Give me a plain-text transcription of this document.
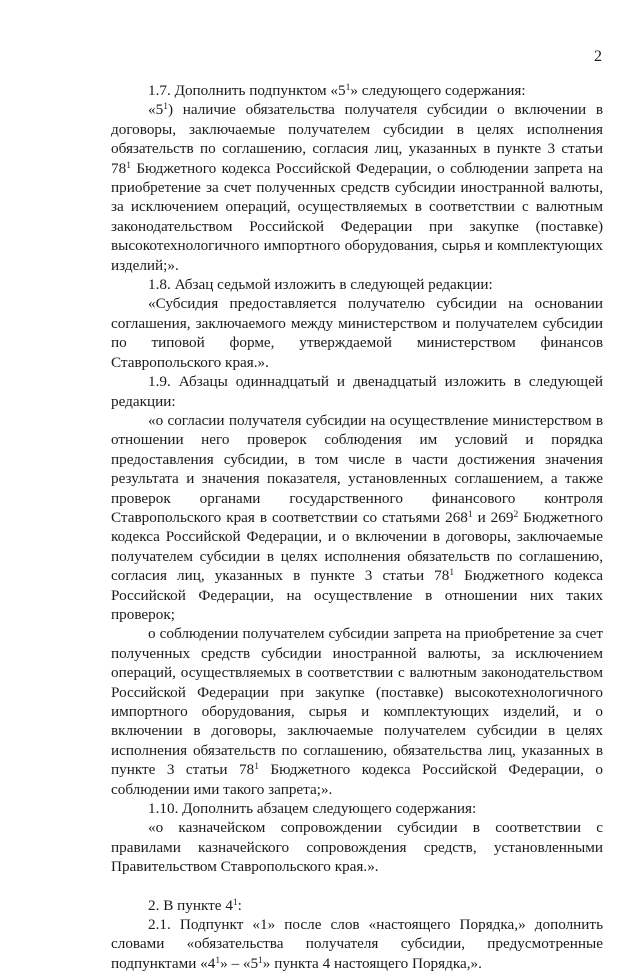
2

1.7. Дополнить подпунктом «$5^1$» следующего содержания:

«$5^1$) наличие обязательства получателя субсидии о включении в договоры, заключаемые получателем субсидии в целях исполнения обязательств по соглашению, согласия лиц, указанных в пункте 3 статьи $78^1$ Бюджетного кодекса Российской Федерации, о соблюдении запрета на приобретение за счет полученных средств субсидии иностранной валюты, за исключением операций, осуществляемых в соответствии с валютным законодательством Российской Федерации при закупке (поставке) высокотехнологичного импортного оборудования, сырья и комплектующих изделий;».

1.8. Абзац седьмой изложить в следующей редакции:

«Субсидия предоставляется получателю субсидии на основании соглашения, заключаемого между министерством и получателем субсидии по типовой форме, утверждаемой министерством финансов Ставропольского края.».

1.9. Абзацы одиннадцатый и двенадцатый изложить в следующей редакции:

«о согласии получателя субсидии на осуществление министерством в отношении него проверок соблюдения им условий и порядка предоставления субсидии, в том числе в части достижения значения результата и значения показателя, установленных соглашением, а также проверок органами государственного финансового контроля Ставропольского края в соответствии со статьями $268^1$ и $269^2$ Бюджетного кодекса Российской Федерации, и о включении в договоры, заключаемые получателем субсидии в целях исполнения обязательств по соглашению, согласия лиц, указанных в пункте 3 статьи $78^1$ Бюджетного кодекса Российской Федерации, на осуществление в отношении них таких проверок;

о соблюдении получателем субсидии запрета на приобретение за счет полученных средств субсидии иностранной валюты, за исключением операций, осуществляемых в соответствии с валютным законодательством Российской Федерации при закупке (поставке) высокотехнологичного импортного оборудования, сырья и комплектующих изделий, и о включении в договоры, заключаемые получателем субсидии в целях исполнения обязательств по соглашению, обязательства лиц, указанных в пункте 3 статьи $78^1$ Бюджетного кодекса Российской Федерации, о соблюдении ими такого запрета;».

1.10. Дополнить абзацем следующего содержания:

«о казначейском сопровождении субсидии в соответствии с правилами казначейского сопровождения средств, установленными Правительством Ставропольского края.».

2. В пункте $4^1$:

2.1. Подпункт «1» после слов «настоящего Порядка,» дополнить словами «обязательства получателя субсидии, предусмотренные подпунктами «$4^1$» – «$5^1$» пункта 4 настоящего Порядка,».
